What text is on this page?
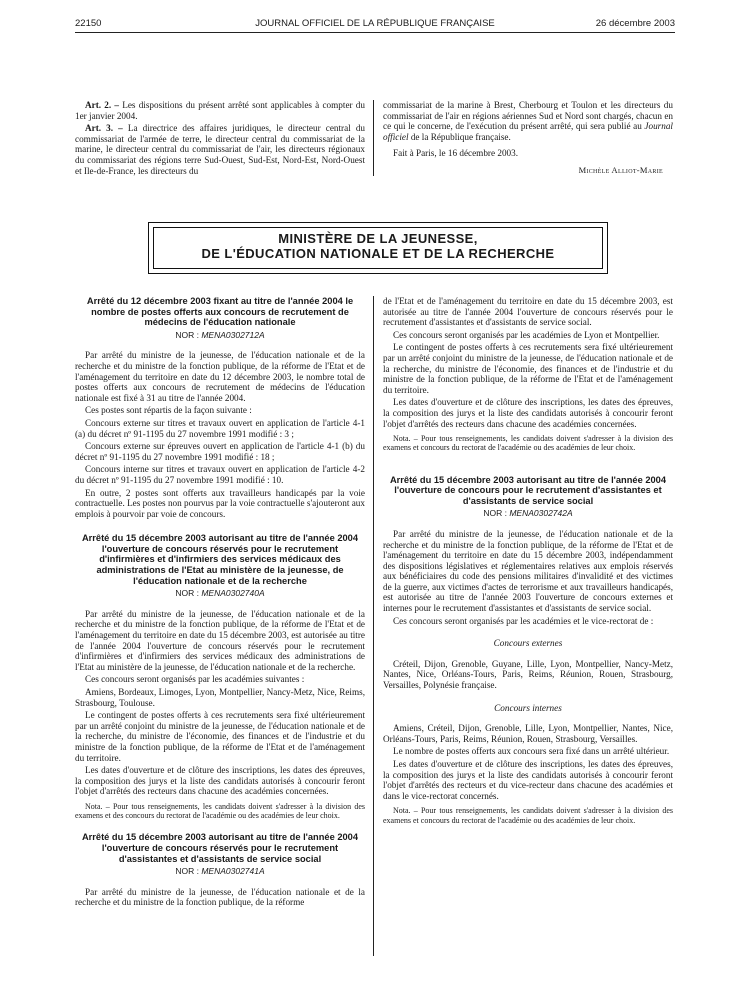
22150	JOURNAL OFFICIEL DE LA RÉPUBLIQUE FRANÇAISE	26 décembre 2003

Art. 2. – Les dispositions du présent arrêté sont applicables à compter du 1er janvier 2004.

Art. 3. – La directrice des affaires juridiques, le directeur central du commissariat de l'armée de terre, le directeur central du commissariat de la marine, le directeur central du commissariat de l'air, les directeurs régionaux du commissariat des régions terre Sud-Ouest, Sud-Est, Nord-Est, Nord-Ouest et Ile-de-France, les directeurs du

commissariat de la marine à Brest, Cherbourg et Toulon et les directeurs du commissariat de l'air en régions aériennes Sud et Nord sont chargés, chacun en ce qui le concerne, de l'exécution du présent arrêté, qui sera publié au Journal officiel de la République française.

Fait à Paris, le 16 décembre 2003.

Michèle Alliot-Marie

MINISTÈRE DE LA JEUNESSE,
DE L'ÉDUCATION NATIONALE ET DE LA RECHERCHE
Arrêté du 12 décembre 2003 fixant au titre de l'année 2004 le nombre de postes offerts aux concours de recrutement de médecins de l'éducation nationale
NOR : MENA0302712A

Par arrêté du ministre de la jeunesse, de l'éducation nationale et de la recherche et du ministre de la fonction publique, de la réforme de l'Etat et de l'aménagement du territoire en date du 12 décembre 2003, le nombre total de postes offerts aux concours de recrutement de médecins de l'éducation nationale est fixé à 31 au titre de l'année 2004.

Ces postes sont répartis de la façon suivante :

Concours externe sur titres et travaux ouvert en application de l'article 4-1 (a) du décret nº 91-1195 du 27 novembre 1991 modifié : 3 ;

Concours externe sur épreuves ouvert en application de l'article 4-1 (b) du décret nº 91-1195 du 27 novembre 1991 modifié : 18 ;

Concours interne sur titres et travaux ouvert en application de l'article 4-2 du décret nº 91-1195 du 27 novembre 1991 modifié : 10.

En outre, 2 postes sont offerts aux travailleurs handicapés par la voie contractuelle. Les postes non pourvus par la voie contractuelle s'ajouteront aux emplois à pourvoir par voie de concours.

Arrêté du 15 décembre 2003 autorisant au titre de l'année 2004 l'ouverture de concours réservés pour le recrutement d'infirmières et d'infirmiers des services médicaux des administrations de l'Etat au ministère de la jeunesse, de l'éducation nationale et de la recherche
NOR : MENA0302740A

Par arrêté du ministre de la jeunesse, de l'éducation nationale et de la recherche et du ministre de la fonction publique, de la réforme de l'Etat et de l'aménagement du territoire en date du 15 décembre 2003, est autorisée au titre de l'année 2004 l'ouverture de concours réservés pour le recrutement d'infirmières et d'infirmiers des services médicaux des administrations de l'Etat au ministère de la jeunesse, de l'éducation nationale et de la recherche.

Ces concours seront organisés par les académies suivantes :

Amiens, Bordeaux, Limoges, Lyon, Montpellier, Nancy-Metz, Nice, Reims, Strasbourg, Toulouse.

Le contingent de postes offerts à ces recrutements sera fixé ultérieurement par un arrêté conjoint du ministre de la jeunesse, de l'éducation nationale et de la recherche, du ministre de l'économie, des finances et de l'industrie et du ministre de la fonction publique, de la réforme de l'Etat et de l'aménagement du territoire.

Les dates d'ouverture et de clôture des inscriptions, les dates des épreuves, la composition des jurys et la liste des candidats autorisés à concourir feront l'objet d'arrêtés des recteurs dans chacune des académies concernées.

Nota. – Pour tous renseignements, les candidats doivent s'adresser à la division des examens et des concours du rectorat de l'académie ou des académies de leur choix.

Arrêté du 15 décembre 2003 autorisant au titre de l'année 2004 l'ouverture de concours réservés pour le recrutement d'assistantes et d'assistants de service social
NOR : MENA0302741A

Par arrêté du ministre de la jeunesse, de l'éducation nationale et de la recherche et du ministre de la fonction publique, de la réforme

de l'Etat et de l'aménagement du territoire en date du 15 décembre 2003, est autorisée au titre de l'année 2004 l'ouverture de concours réservés pour le recrutement d'assistantes et d'assistants de service social.

Ces concours seront organisés par les académies de Lyon et Montpellier.

Le contingent de postes offerts à ces recrutements sera fixé ultérieurement par un arrêté conjoint du ministre de la jeunesse, de l'éducation nationale et de la recherche, du ministre de l'économie, des finances et de l'industrie et du ministre de la fonction publique, de la réforme de l'Etat et de l'aménagement du territoire.

Les dates d'ouverture et de clôture des inscriptions, les dates des épreuves, la composition des jurys et la liste des candidats autorisés à concourir feront l'objet d'arrêtés des recteurs dans chacune des académies concernées.

Nota. – Pour tous renseignements, les candidats doivent s'adresser à la division des examens et concours du rectorat de l'académie ou des académies de leur choix.

Arrêté du 15 décembre 2003 autorisant au titre de l'année 2004 l'ouverture de concours pour le recrutement d'assistantes et d'assistants de service social
NOR : MENA0302742A

Par arrêté du ministre de la jeunesse, de l'éducation nationale et de la recherche et du ministre de la fonction publique, de la réforme de l'Etat et de l'aménagement du territoire en date du 15 décembre 2003, indépendamment des dispositions législatives et réglementaires relatives aux emplois réservés aux bénéficiaires du code des pensions militaires d'invalidité et des victimes de la guerre, aux victimes d'actes de terrorisme et aux travailleurs handicapés, est autorisée au titre de l'année 2003 l'ouverture de concours externes et internes pour le recrutement d'assistantes et d'assistants de service social.

Ces concours seront organisés par les académies et le vice-rectorat de :

Concours externes

Créteil, Dijon, Grenoble, Guyane, Lille, Lyon, Montpellier, Nancy-Metz, Nantes, Nice, Orléans-Tours, Paris, Reims, Réunion, Rouen, Strasbourg, Versailles, Polynésie française.

Concours internes

Amiens, Créteil, Dijon, Grenoble, Lille, Lyon, Montpellier, Nantes, Nice, Orléans-Tours, Paris, Reims, Réunion, Rouen, Strasbourg, Versailles.

Le nombre de postes offerts aux concours sera fixé dans un arrêté ultérieur.

Les dates d'ouverture et de clôture des inscriptions, les dates des épreuves, la composition des jurys et la liste des candidats autorisés à concourir feront l'objet d'arrêtés des recteurs et du vice-recteur dans chacune des académies et dans le vice-rectorat concernés.

Nota. – Pour tous renseignements, les candidats doivent s'adresser à la division des examens et concours du rectorat de l'académie ou des académies de leur choix.
